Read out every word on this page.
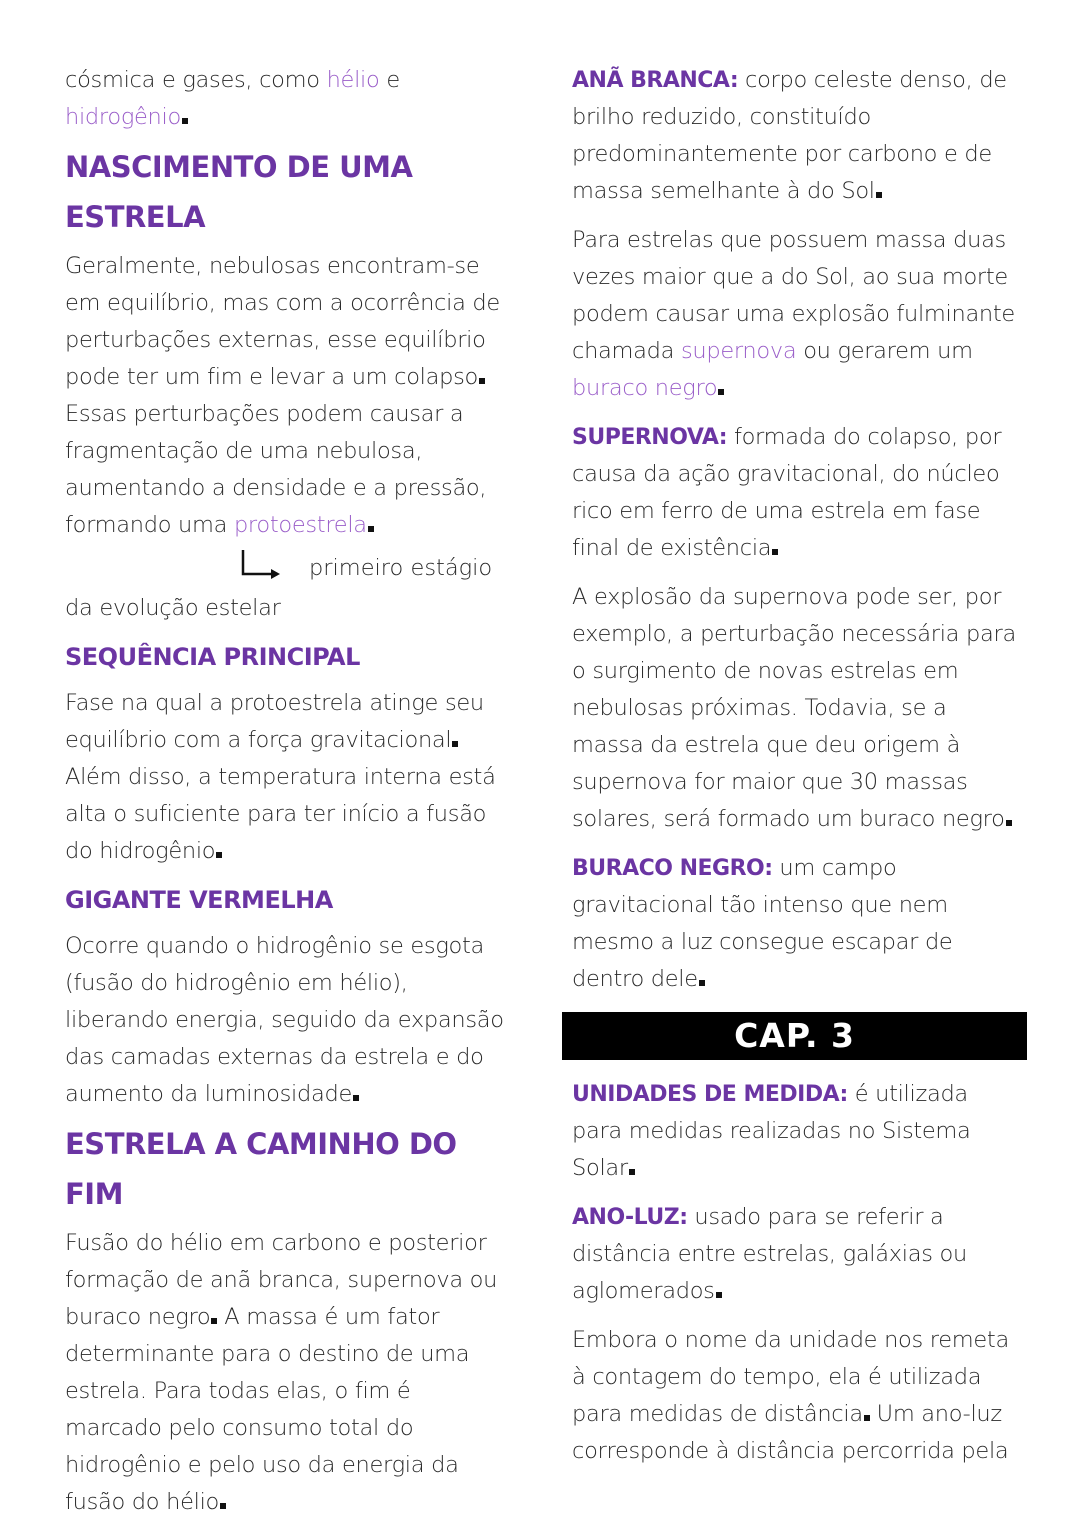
cósmica e gases, como hélio e hidrogênio

NASCIMENTO DE UMA ESTRELA

Geralmente, nebulosas encontram-se em equilíbrio, mas com a ocorrência de perturbações externas, esse equilíbrio pode ter um fim e levar a um colapso Essas perturbações podem causar a fragmentação de uma nebulosa, aumentando a densidade e a pressão, formando uma protoestrela

primeiro estágio

da evolução estelar

SEQUÊNCIA PRINCIPAL

Fase na qual a protoestrela atinge seu equilíbrio com a força gravitacional Além disso, a temperatura interna está alta o suficiente para ter início a fusão do hidrogênio

GIGANTE VERMELHA

Ocorre quando o hidrogênio se esgota (fusão do hidrogênio em hélio), liberando energia, seguido da expansão das camadas externas da estrela e do aumento da luminosidade

ESTRELA A CAMINHO DO FIM

Fusão do hélio em carbono e posterior formação de anã branca, supernova ou buraco negro A massa é um fator determinante para o destino de uma estrela. Para todas elas, o fim é marcado pelo consumo total do hidrogênio e pelo uso da energia da fusão do hélio

ANÃ BRANCA: corpo celeste denso, de brilho reduzido, constituído predominantemente por carbono e de massa semelhante à do Sol

Para estrelas que possuem massa duas vezes maior que a do Sol, ao sua morte podem causar uma explosão fulminante chamada supernova ou gerarem um buraco negro

SUPERNOVA: formada do colapso, por causa da ação gravitacional, do núcleo rico em ferro de uma estrela em fase final de existência

A explosão da supernova pode ser, por exemplo, a perturbação necessária para o surgimento de novas estrelas em nebulosas próximas. Todavia, se a massa da estrela que deu origem à supernova for maior que 30 massas solares, será formado um buraco negro

BURACO NEGRO: um campo gravitacional tão intenso que nem mesmo a luz consegue escapar de dentro dele

CAP. 3

UNIDADES DE MEDIDA: é utilizada para medidas realizadas no Sistema Solar

ANO-LUZ: usado para se referir a distância entre estrelas, galáxias ou aglomerados

Embora o nome da unidade nos remeta à contagem do tempo, ela é utilizada para medidas de distância Um ano-luz corresponde à distância percorrida pela
